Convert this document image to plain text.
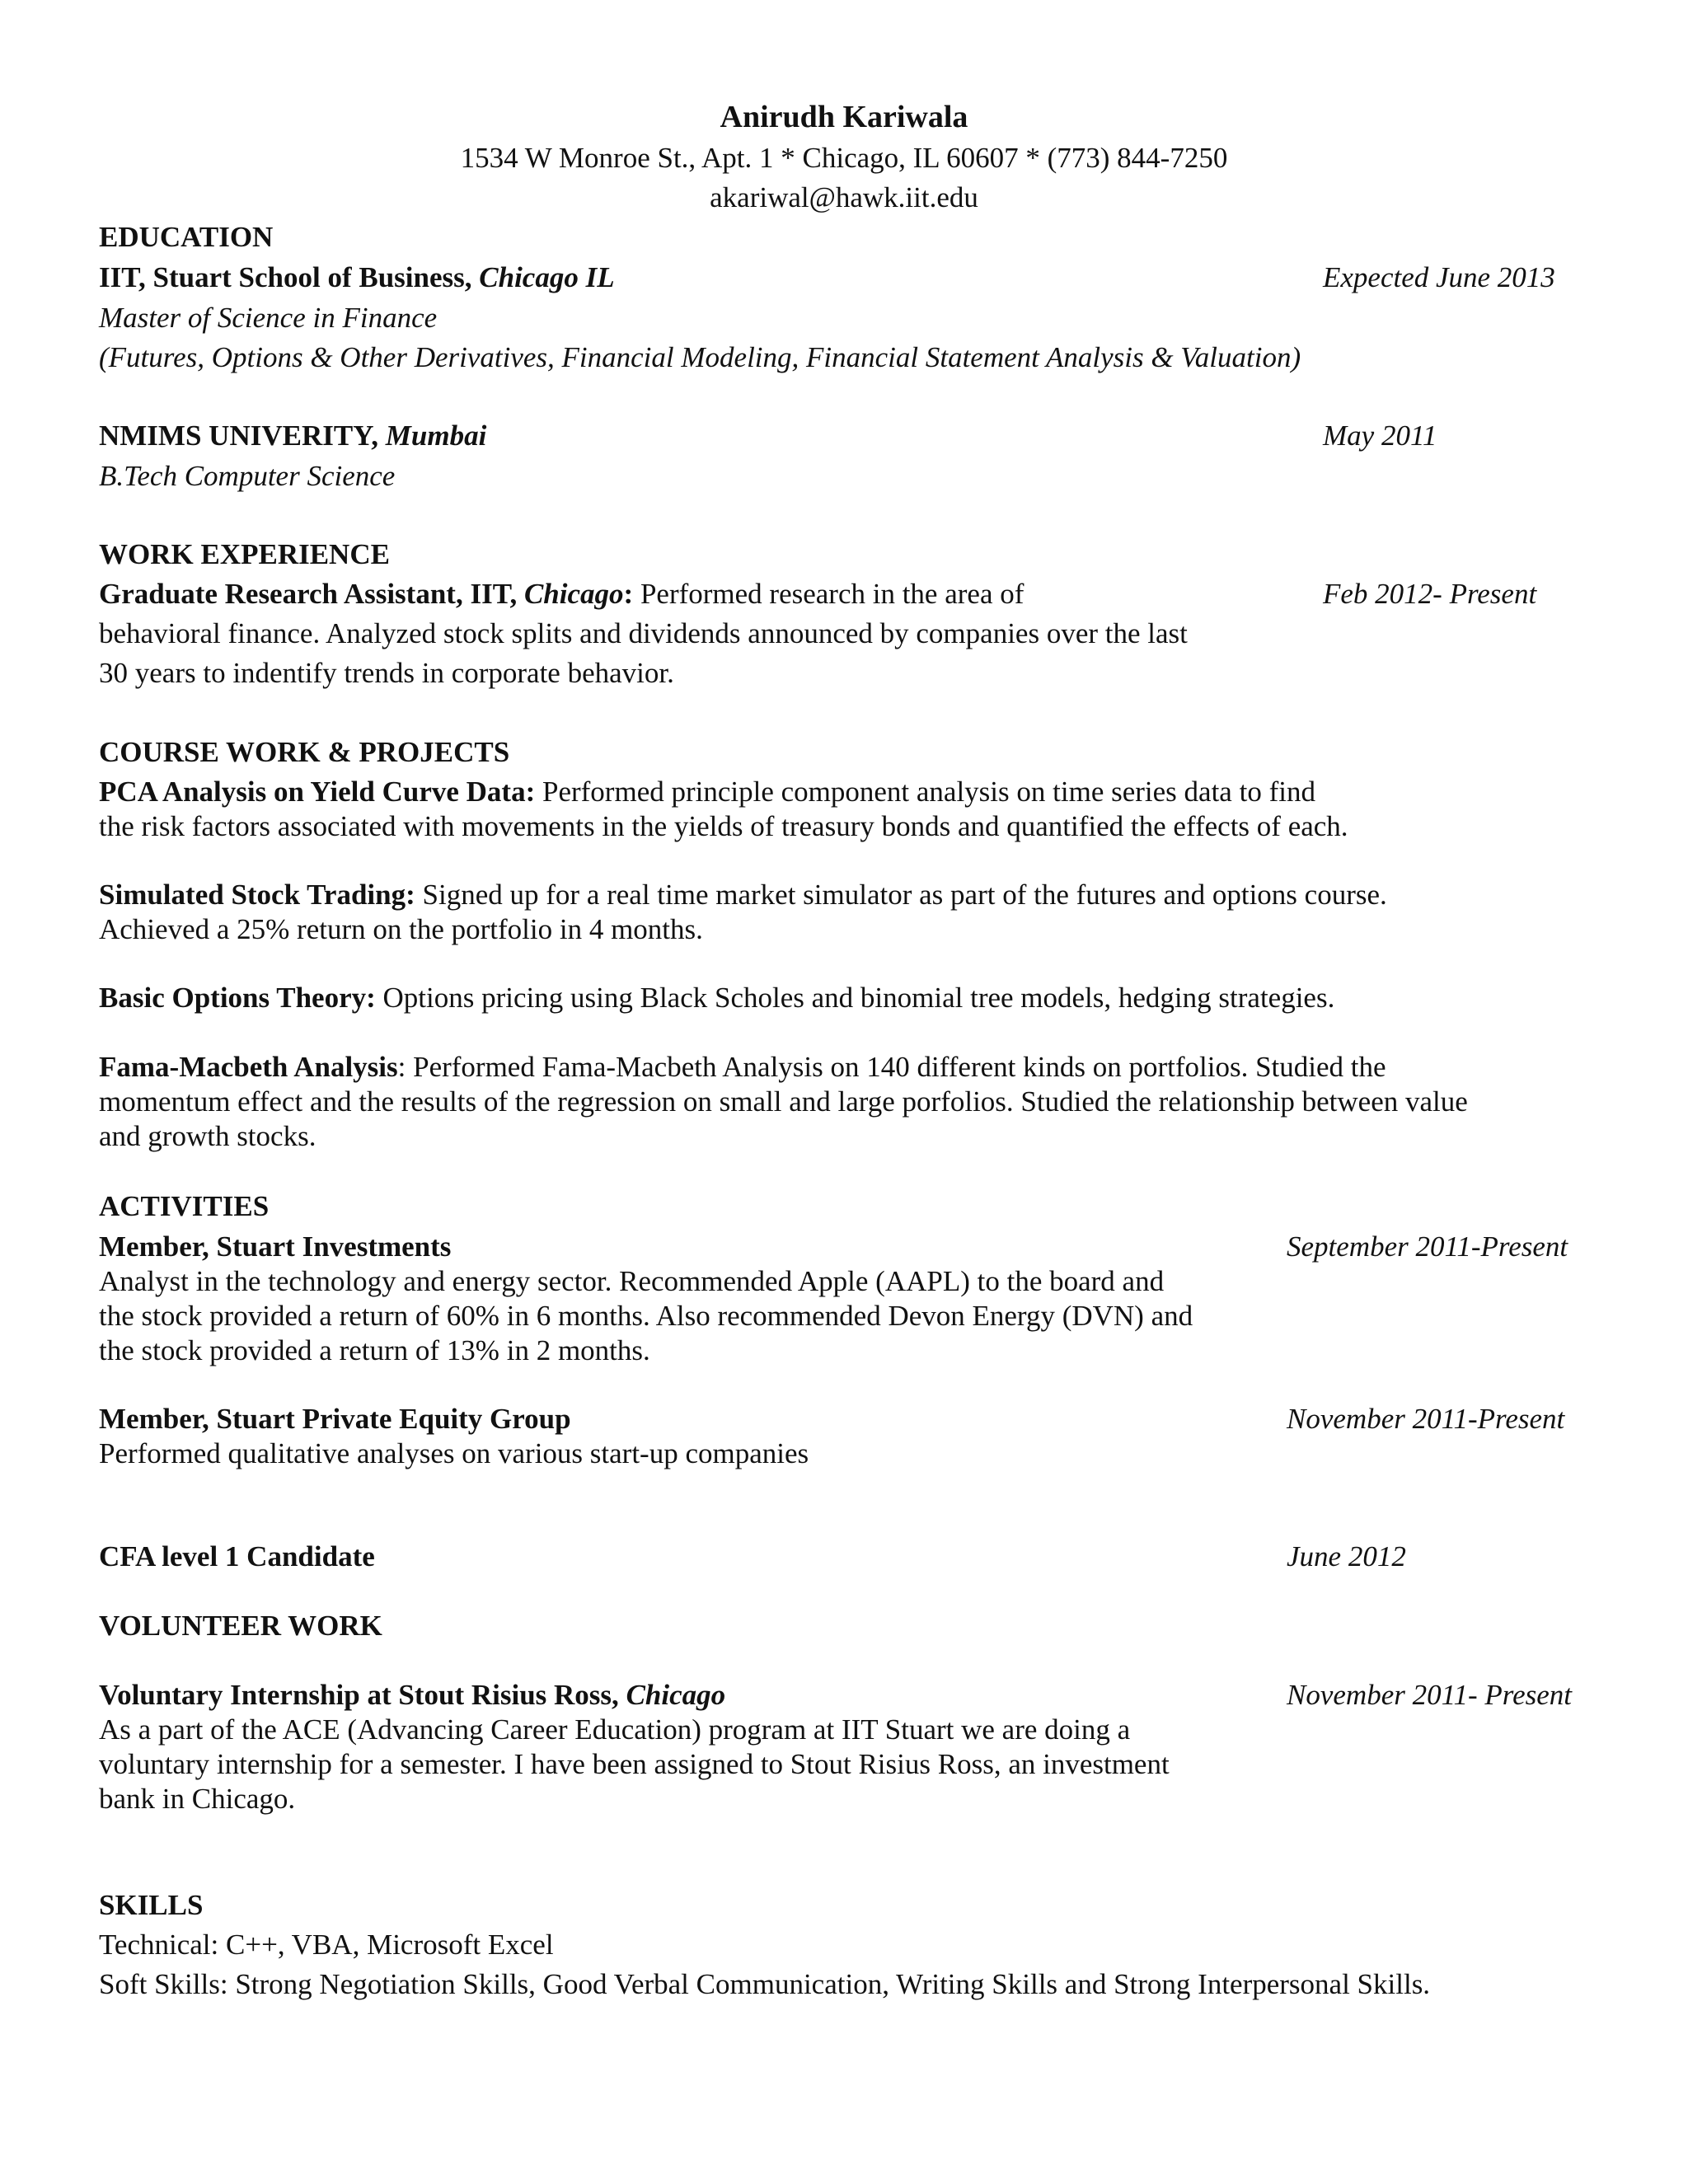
Anirudh Kariwala
1534 W Monroe St., Apt. 1 * Chicago, IL 60607 * (773) 844-7250
akariwal@hawk.iit.edu
EDUCATION
IIT, Stuart School of Business, Chicago IL	Expected June 2013
Master of Science in Finance
(Futures, Options & Other Derivatives, Financial Modeling, Financial Statement Analysis & Valuation)
NMIMS UNIVERITY, Mumbai	May 2011
B.Tech Computer Science
WORK EXPERIENCE
Graduate Research Assistant, IIT, Chicago: Performed research in the area of	Feb 2012- Present
behavioral finance. Analyzed stock splits and dividends announced by companies over the last
30 years to indentify trends in corporate behavior.
COURSE WORK & PROJECTS
PCA Analysis on Yield Curve Data: Performed principle component analysis on time series data to find
the risk factors associated with movements in the yields of treasury bonds and quantified the effects of each.
Simulated Stock Trading: Signed up for a real time market simulator as part of the futures and options course.
Achieved a 25% return on the portfolio in 4 months.
Basic Options Theory: Options pricing using Black Scholes and binomial tree models, hedging strategies.
Fama-Macbeth Analysis: Performed Fama-Macbeth Analysis on 140 different kinds on portfolios. Studied the
momentum effect and the results of the regression on small and large porfolios. Studied the relationship between value
and growth stocks.
ACTIVITIES
Member, Stuart Investments	September 2011-Present
Analyst in the technology and energy sector. Recommended Apple (AAPL) to the board and
the stock provided a return of 60% in 6 months. Also recommended Devon Energy (DVN) and
the stock provided a return of 13% in 2 months.
Member, Stuart Private Equity Group	November 2011-Present
Performed qualitative analyses on various start-up companies
CFA level 1 Candidate	June 2012
VOLUNTEER WORK
Voluntary Internship at Stout Risius Ross, Chicago	November 2011- Present
As a part of the ACE (Advancing Career Education) program at IIT Stuart we are doing a
voluntary internship for a semester. I have been assigned to Stout Risius Ross, an investment
bank in Chicago.
SKILLS
Technical: C++, VBA, Microsoft Excel
Soft Skills: Strong Negotiation Skills, Good Verbal Communication, Writing Skills and Strong Interpersonal Skills.
